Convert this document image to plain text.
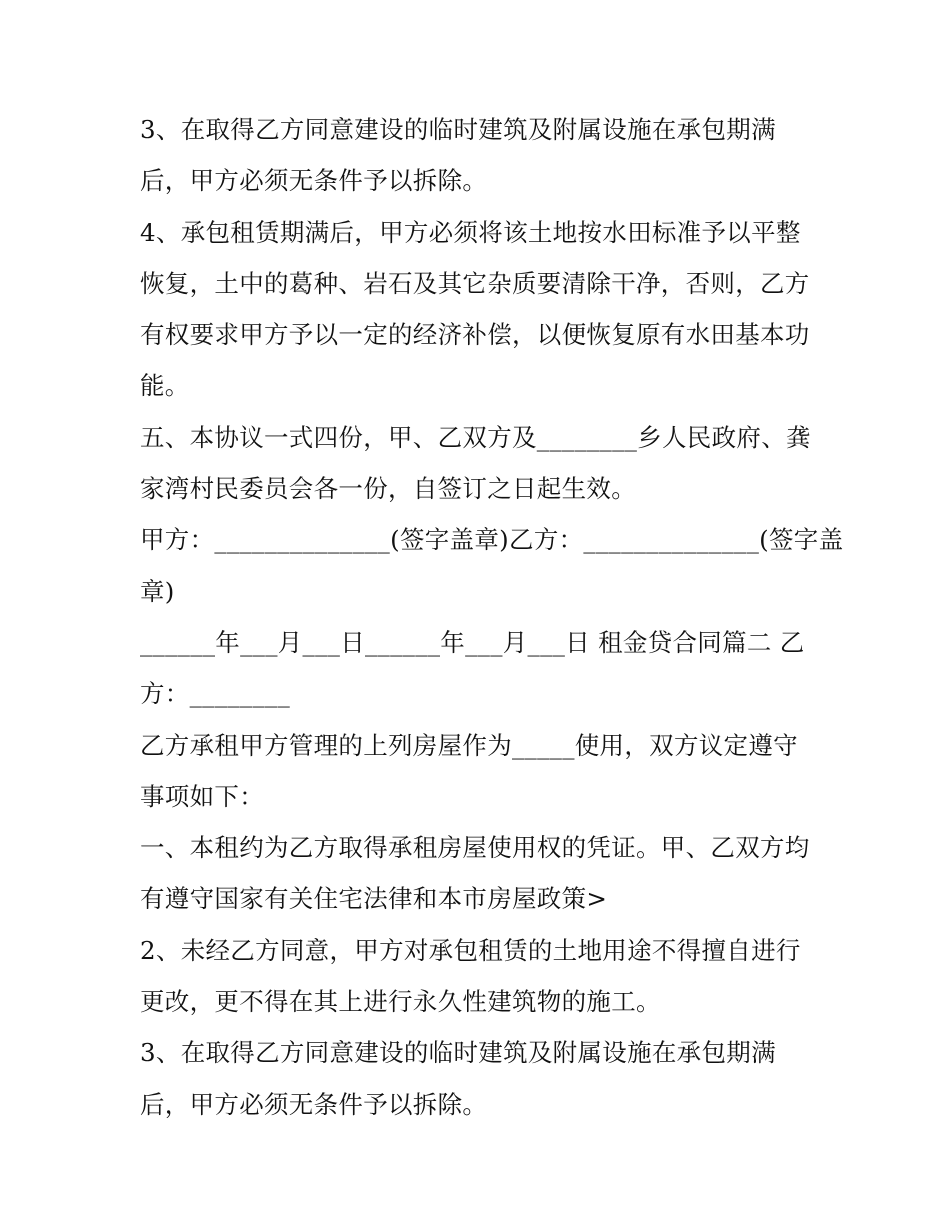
3、在取得乙方同意建设的临时建筑及附属设施在承包期满
后，甲方必须无条件予以拆除。
4、承包租赁期满后，甲方必须将该土地按水田标准予以平整
恢复，土中的葛种、岩石及其它杂质要清除干净，否则，乙方
有权要求甲方予以一定的经济补偿，以便恢复原有水田基本功
能。
五、本协议一式四份，甲、乙双方及________乡人民政府、龚
家湾村民委员会各一份，自签订之日起生效。
甲方：______________(签字盖章)乙方：______________(签字盖
章)
______年___月___日______年___月___日 租金贷合同篇二 乙
方：________
乙方承租甲方管理的上列房屋作为_____使用，双方议定遵守
事项如下：
一、本租约为乙方取得承租房屋使用权的凭证。甲、乙双方均
有遵守国家有关住宅法律和本市房屋政策>
2、未经乙方同意，甲方对承包租赁的土地用途不得擅自进行
更改，更不得在其上进行永久性建筑物的施工。
3、在取得乙方同意建设的临时建筑及附属设施在承包期满
后，甲方必须无条件予以拆除。
